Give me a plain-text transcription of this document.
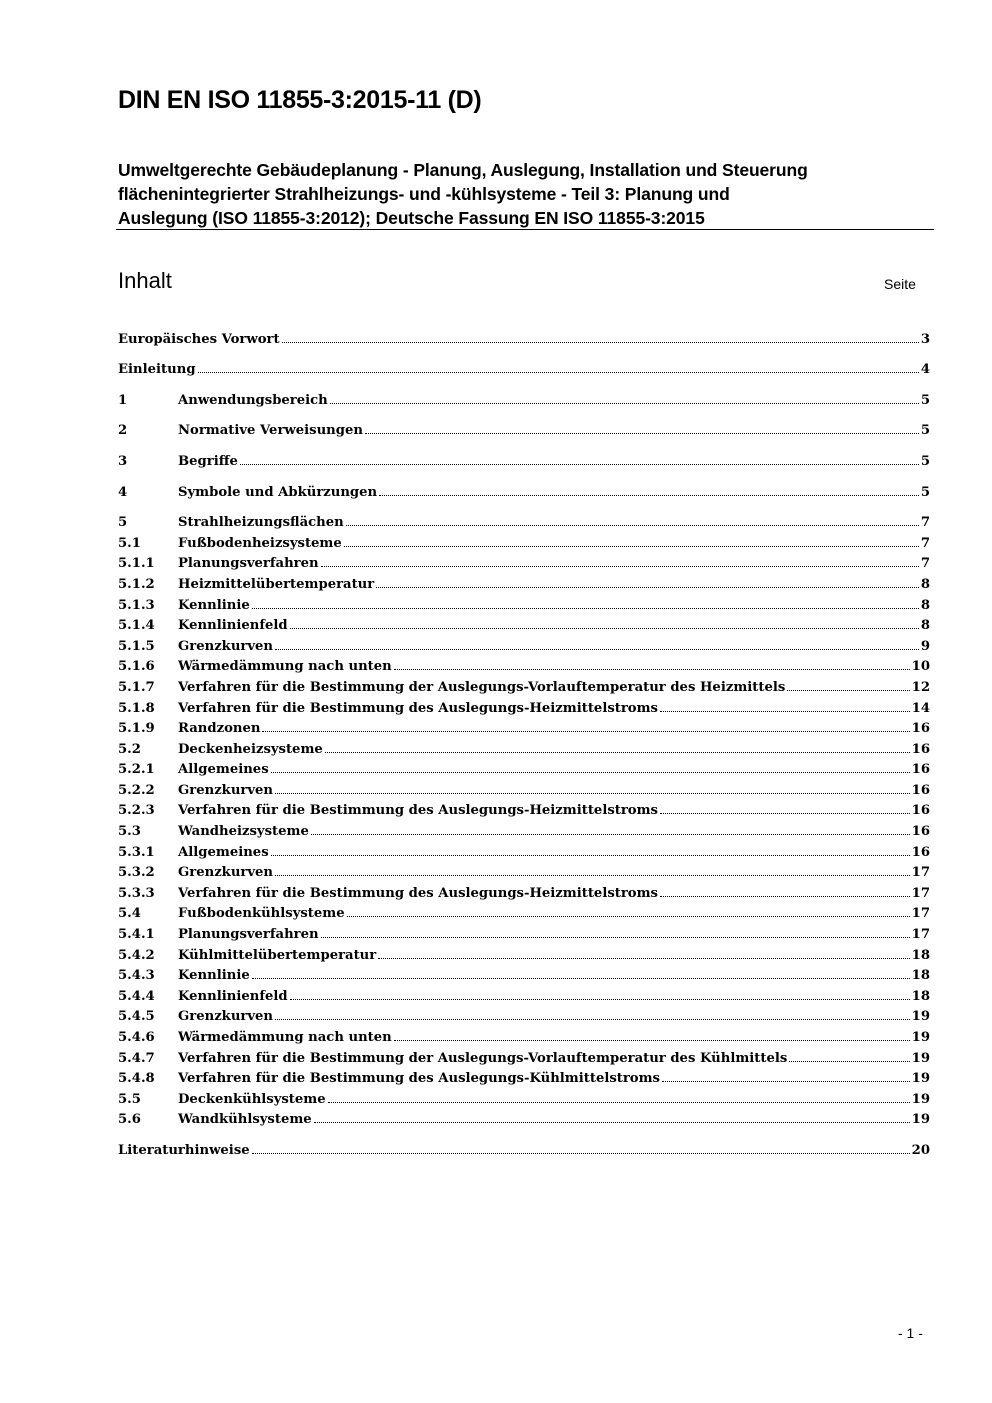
DIN EN ISO 11855-3:2015-11 (D)
Umweltgerechte Gebäudeplanung - Planung, Auslegung, Installation und Steuerung
flächenintegrierter Strahlheizungs- und -kühlsysteme - Teil 3: Planung und
Auslegung (ISO 11855-3:2012); Deutsche Fassung EN ISO 11855-3:2015
Inhalt	Seite
Europäisches Vorwort	3
Einleitung	4
1	Anwendungsbereich	5
2	Normative Verweisungen	5
3	Begriffe	5
4	Symbole und Abkürzungen	5
5	Strahlheizungsflächen	7
5.1	Fußbodenheizsysteme	7
5.1.1	Planungsverfahren	7
5.1.2	Heizmittelübertemperatur	8
5.1.3	Kennlinie	8
5.1.4	Kennlinienfeld	8
5.1.5	Grenzkurven	9
5.1.6	Wärmedämmung nach unten	10
5.1.7	Verfahren für die Bestimmung der Auslegungs-Vorlauftemperatur des Heizmittels	12
5.1.8	Verfahren für die Bestimmung des Auslegungs-Heizmittelstroms	14
5.1.9	Randzonen	16
5.2	Deckenheizsysteme	16
5.2.1	Allgemeines	16
5.2.2	Grenzkurven	16
5.2.3	Verfahren für die Bestimmung des Auslegungs-Heizmittelstroms	16
5.3	Wandheizsysteme	16
5.3.1	Allgemeines	16
5.3.2	Grenzkurven	17
5.3.3	Verfahren für die Bestimmung des Auslegungs-Heizmittelstroms	17
5.4	Fußbodenkühlsysteme	17
5.4.1	Planungsverfahren	17
5.4.2	Kühlmittelübertemperatur	18
5.4.3	Kennlinie	18
5.4.4	Kennlinienfeld	18
5.4.5	Grenzkurven	19
5.4.6	Wärmedämmung nach unten	19
5.4.7	Verfahren für die Bestimmung der Auslegungs-Vorlauftemperatur des Kühlmittels	19
5.4.8	Verfahren für die Bestimmung des Auslegungs-Kühlmittelstroms	19
5.5	Deckenkühlsysteme	19
5.6	Wandkühlsysteme	19
Literaturhinweise	20
- 1 -
